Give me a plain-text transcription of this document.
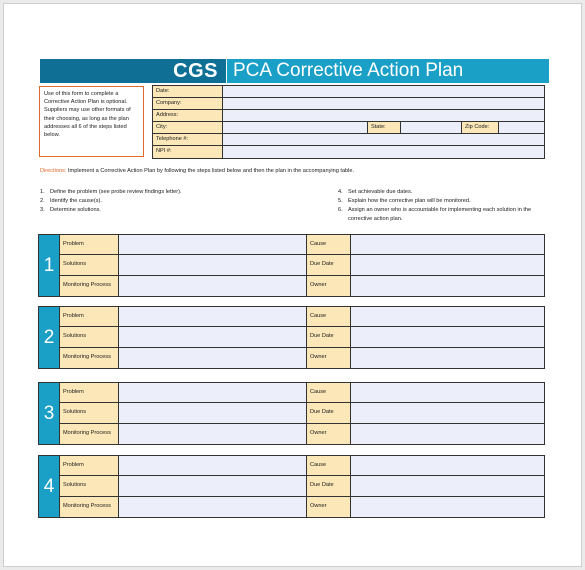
CGS PCA Corrective Action Plan
Use of this form to complete a Corrective Action Plan is optional. Suppliers may use other formats of their choosing, as long as the plan addresses all 6 of the steps listed below.
Date:
Company:
Address:
City:	State:	Zip Code:
Telephone #:
NPI #:
Directions: Implement a Corrective Action Plan by following the steps listed below and then the plan in the accompanying table.
1. Define the problem (see probe review findings letter).
2. Identify the cause(s).
3. Determine solutions.
4. Set achievable due dates.
5. Explain how the corrective plan will be monitored.
6. Assign an owner who is accountable for implementing each solution in the corrective action plan.
1
Problem	Cause
Solutions	Due Date
Monitoring Process	Owner
2
Problem	Cause
Solutions	Due Date
Monitoring Process	Owner
3
Problem	Cause
Solutions	Due Date
Monitoring Process	Owner
4
Problem	Cause
Solutions	Due Date
Monitoring Process	Owner
